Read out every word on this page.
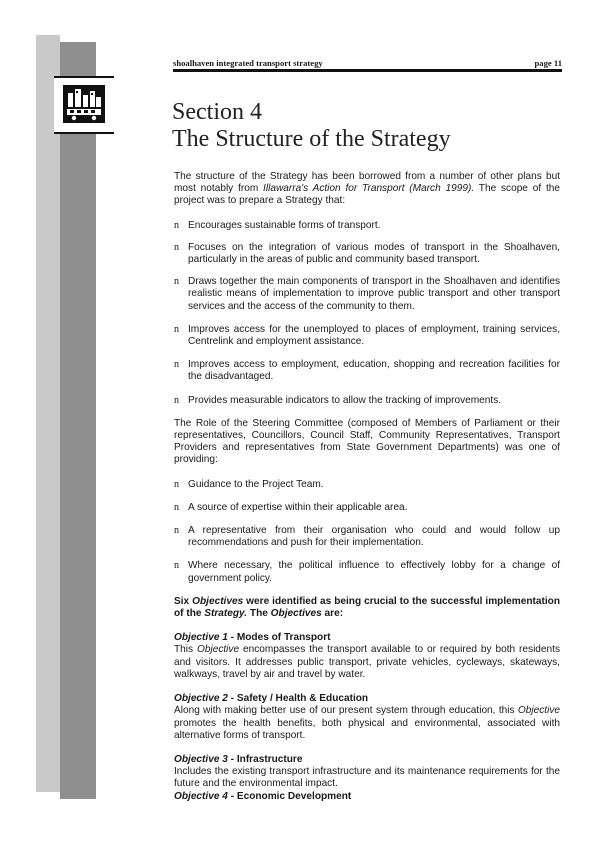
shoalhaven integrated transport strategy	page 11
Section 4
The Structure of the Strategy

The structure of the Strategy has been borrowed from a number of other plans but most notably from Illawarra's Action for Transport (March 1999). The scope of the project was to prepare a Strategy that:

n Encourages sustainable forms of transport.
n Focuses on the integration of various modes of transport in the Shoalhaven, particularly in the areas of public and community based transport.
n Draws together the main components of transport in the Shoalhaven and identifies realistic means of implementation to improve public transport and other transport services and the access of the community to them.
n Improves access for the unemployed to places of employment, training services, Centrelink and employment assistance.
n Improves access to employment, education, shopping and recreation facilities for the disadvantaged.
n Provides measurable indicators to allow the tracking of improvements.

The Role of the Steering Committee (composed of Members of Parliament or their representatives, Councillors, Council Staff, Community Representatives, Transport Providers and representatives from State Government Departments) was one of providing:

n Guidance to the Project Team.
n A source of expertise within their applicable area.
n A representative from their organisation who could and would follow up recommendations and push for their implementation.
n Where necessary, the political influence to effectively lobby for a change of government policy.

Six Objectives were identified as being crucial to the successful implementation of the Strategy. The Objectives are:

Objective 1 - Modes of Transport

This Objective encompasses the transport available to or required by both residents and visitors. It addresses public transport, private vehicles, cycleways, skateways, walkways, travel by air and travel by water.

Objective 2 - Safety / Health & Education

Along with making better use of our present system through education, this Objective promotes the health benefits, both physical and environmental, associated with alternative forms of transport.

Objective 3 - Infrastructure

Includes the existing transport infrastructure and its maintenance requirements for the future and the environmental impact.

Objective 4 - Economic Development
